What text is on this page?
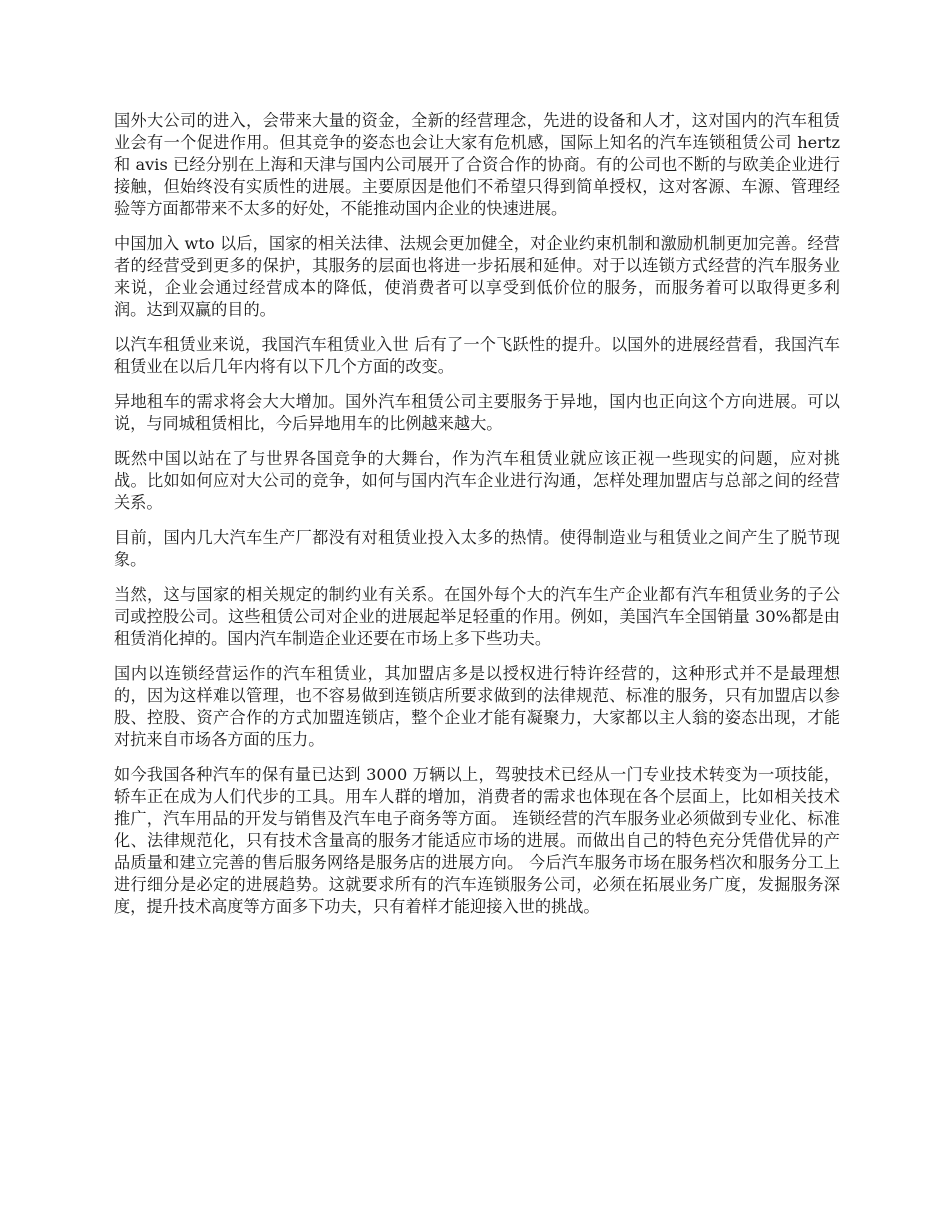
国外大公司的进入，会带来大量的资金，全新的经营理念，先进的设备和人才，这对国内的汽车租赁业会有一个促进作用。但其竞争的姿态也会让大家有危机感，国际上知名的汽车连锁租赁公司 hertz 和 avis 已经分别在上海和天津与国内公司展开了合资合作的协商。有的公司也不断的与欧美企业进行接触，但始终没有实质性的进展。主要原因是他们不希望只得到简单授权，这对客源、车源、管理经验等方面都带来不太多的好处，不能推动国内企业的快速进展。

中国加入 wto 以后，国家的相关法律、法规会更加健全，对企业约束机制和激励机制更加完善。经营者的经营受到更多的保护，其服务的层面也将进一步拓展和延伸。对于以连锁方式经营的汽车服务业来说，企业会通过经营成本的降低，使消费者可以享受到低价位的服务，而服务着可以取得更多利润。达到双赢的目的。

以汽车租赁业来说，我国汽车租赁业入世 后有了一个飞跃性的提升。以国外的进展经营看，我国汽车租赁业在以后几年内将有以下几个方面的改变。

异地租车的需求将会大大增加。国外汽车租赁公司主要服务于异地，国内也正向这个方向进展。可以说，与同城租赁相比，今后异地用车的比例越来越大。

既然中国以站在了与世界各国竞争的大舞台，作为汽车租赁业就应该正视一些现实的问题，应对挑战。比如如何应对大公司的竞争，如何与国内汽车企业进行沟通，怎样处理加盟店与总部之间的经营关系。

目前，国内几大汽车生产厂都没有对租赁业投入太多的热情。使得制造业与租赁业之间产生了脱节现象。

当然，这与国家的相关规定的制约业有关系。在国外每个大的汽车生产企业都有汽车租赁业务的子公司或控股公司。这些租赁公司对企业的进展起举足轻重的作用。例如，美国汽车全国销量 30%都是由租赁消化掉的。国内汽车制造企业还要在市场上多下些功夫。

国内以连锁经营运作的汽车租赁业，其加盟店多是以授权进行特许经营的，这种形式并不是最理想的，因为这样难以管理，也不容易做到连锁店所要求做到的法律规范、标准的服务，只有加盟店以参股、控股、资产合作的方式加盟连锁店，整个企业才能有凝聚力，大家都以主人翁的姿态出现，才能对抗来自市场各方面的压力。

如今我国各种汽车的保有量已达到 3000 万辆以上，驾驶技术已经从一门专业技术转变为一项技能，轿车正在成为人们代步的工具。用车人群的增加，消费者的需求也体现在各个层面上，比如相关技术推广，汽车用品的开发与销售及汽车电子商务等方面。 连锁经营的汽车服务业必须做到专业化、标准化、法律规范化，只有技术含量高的服务才能适应市场的进展。而做出自己的特色充分凭借优异的产品质量和建立完善的售后服务网络是服务店的进展方向。 今后汽车服务市场在服务档次和服务分工上进行细分是必定的进展趋势。这就要求所有的汽车连锁服务公司，必须在拓展业务广度，发掘服务深度，提升技术高度等方面多下功夫，只有着样才能迎接入世的挑战。
